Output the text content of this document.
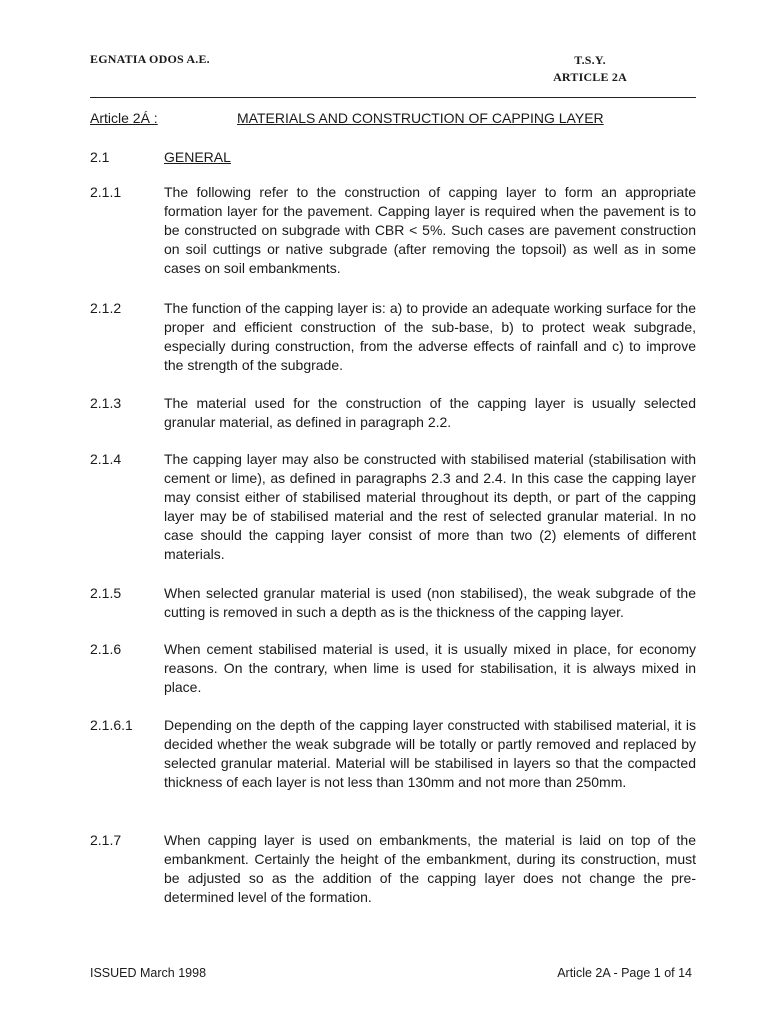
EGNATIA ODOS A.E.	T.S.Y.
ARTICLE 2A
Article 2Á :	MATERIALS AND CONSTRUCTION OF CAPPING LAYER
2.1	GENERAL
2.1.1	The following refer to the construction of capping layer to form an appropriate formation layer for the pavement. Capping layer is required when the pavement is to be constructed on subgrade with CBR < 5%. Such cases are pavement construction on soil cuttings or native subgrade (after removing the topsoil) as well as in some cases on soil embankments.
2.1.2	The function of the capping layer is: a) to provide an adequate working surface for the proper and efficient construction of the sub-base, b) to protect weak subgrade, especially during construction, from the adverse effects of rainfall and c) to improve the strength of the subgrade.
2.1.3	The material used for the construction of the capping layer is usually selected granular material, as defined in paragraph 2.2.
2.1.4	The capping layer may also be constructed with stabilised material (stabilisation with cement or lime), as defined in paragraphs 2.3 and 2.4. In this case the capping layer may consist either of stabilised material throughout its depth, or part of the capping layer may be of stabilised material and the rest of selected granular material. In no case should the capping layer consist of more than two (2) elements of different materials.
2.1.5	When selected granular material is used (non stabilised), the weak subgrade of the cutting is removed in such a depth as is the thickness of the capping layer.
2.1.6	When cement stabilised material is used, it is usually mixed in place, for economy reasons. On the contrary, when lime is used for stabilisation, it is always mixed in place.
2.1.6.1 Depending on the depth of the capping layer constructed with stabilised material, it is decided whether the weak subgrade will be totally or partly removed and replaced by selected granular material. Material will be stabilised in layers so that the compacted thickness of each layer is not less than 130mm and not more than 250mm.
2.1.7	When capping layer is used on embankments, the material is laid on top of the embankment. Certainly the height of the embankment, during its construction, must be adjusted so as the addition of the capping layer does not change the pre-determined level of the formation.
ISSUED March 1998	Article 2A - Page 1 of 14
